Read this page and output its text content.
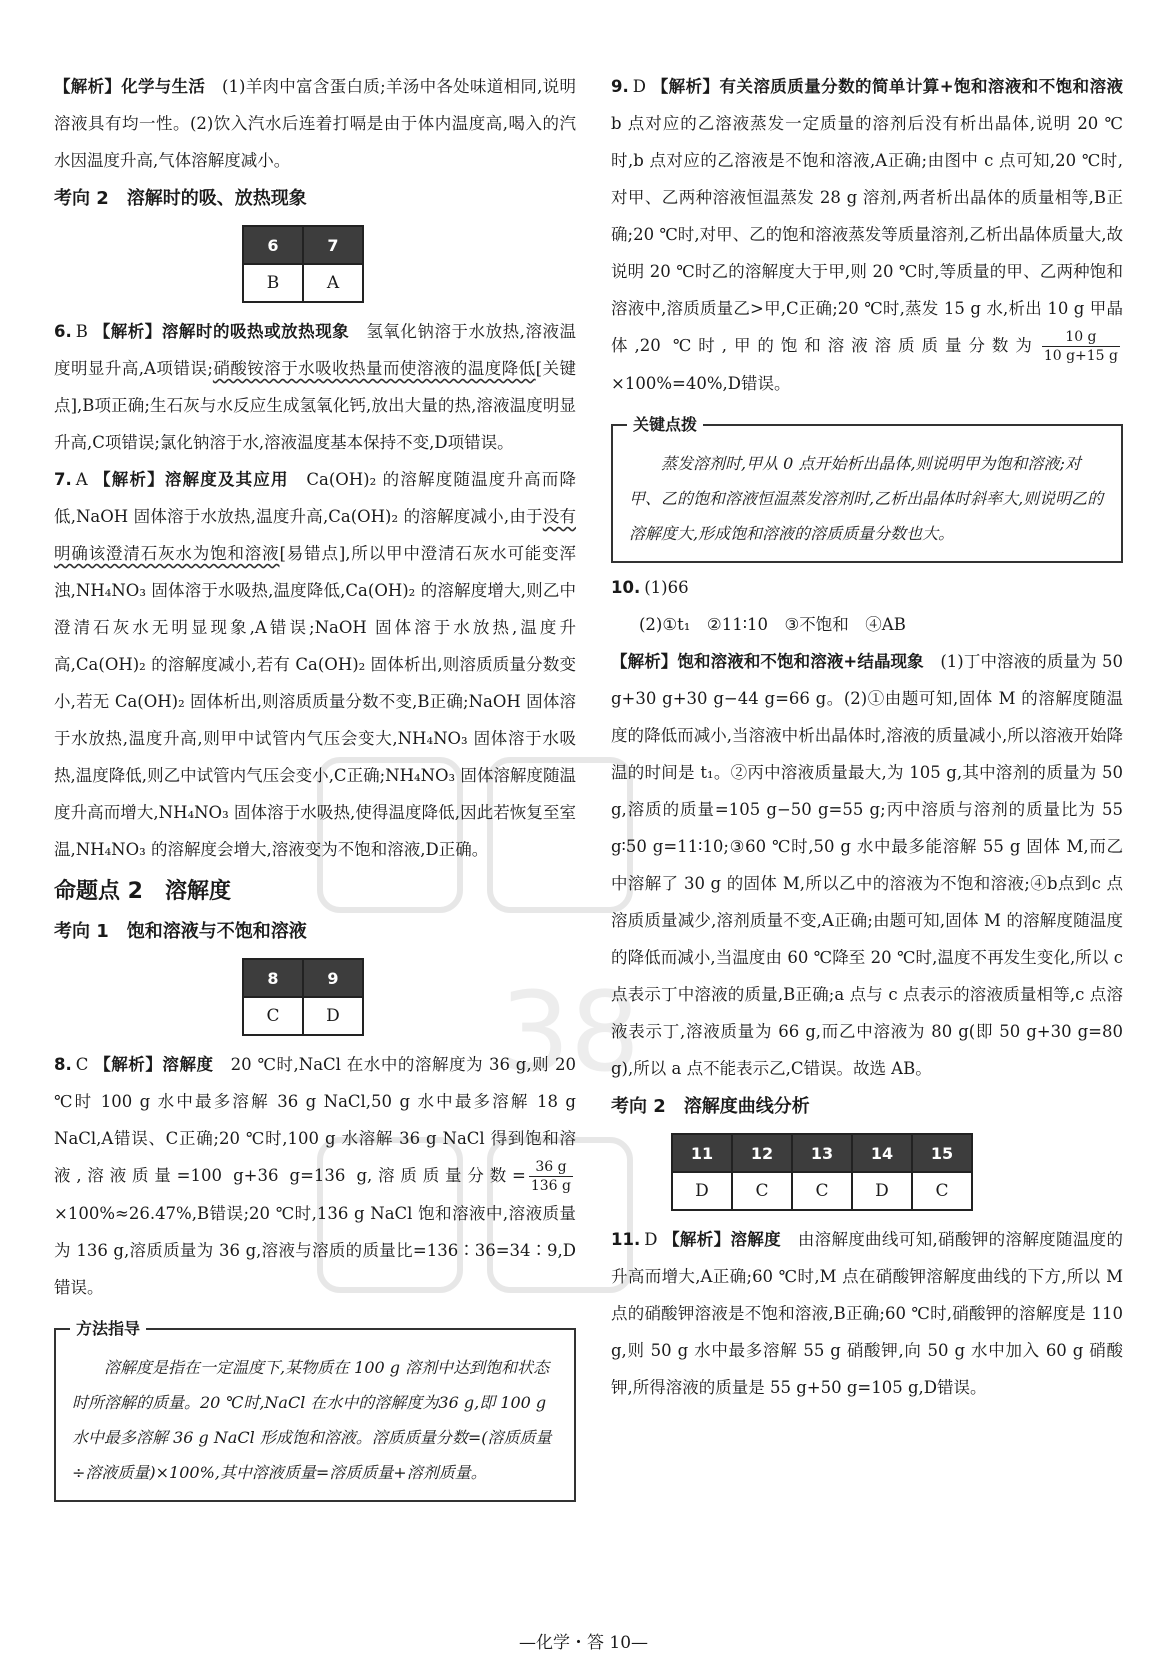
38

【解析】化学与生活　 (1)羊肉中富含蛋白质;羊汤中各处味道相同,说明溶液具有均一性。(2)饮入汽水后连着打嗝是由于体内温度高,喝入的汽水因温度升高,气体溶解度减小。

考向 2　溶解时的吸、放热现象
6	7
B	A

6. B 【解析】溶解时的吸热或放热现象　 氢氧化钠溶于水放热,溶液温度明显升高,A项错误;硝酸铵溶于水吸收热量而使溶液的温度降低[关键点],B项正确;生石灰与水反应生成氢氧化钙,放出大量的热,溶液温度明显升高,C项错误;氯化钠溶于水,溶液温度基本保持不变,D项错误。

7. A 【解析】溶解度及其应用　 Ca(OH)₂ 的溶解度随温度升高而降低,NaOH 固体溶于水放热,温度升高,Ca(OH)₂ 的溶解度减小,由于没有明确该澄清石灰水为饱和溶液[易错点],所以甲中澄清石灰水可能变浑浊,NH₄NO₃ 固体溶于水吸热,温度降低,Ca(OH)₂ 的溶解度增大,则乙中澄清石灰水无明显现象,A错误;NaOH 固体溶于水放热,温度升高,Ca(OH)₂ 的溶解度减小,若有 Ca(OH)₂ 固体析出,则溶质质量分数变小,若无 Ca(OH)₂ 固体析出,则溶质质量分数不变,B正确;NaOH 固体溶于水放热,温度升高,则甲中试管内气压会变大,NH₄NO₃ 固体溶于水吸热,温度降低,则乙中试管内气压会变小,C正确;NH₄NO₃ 固体溶解度随温度升高而增大,NH₄NO₃ 固体溶于水吸热,使得温度降低,因此若恢复至室温,NH₄NO₃ 的溶解度会增大,溶液变为不饱和溶液,D正确。

命题点 2　溶解度
考向 1　饱和溶液与不饱和溶液
8	9
C	D

8. C 【解析】溶解度　 20 ℃时,NaCl 在水中的溶解度为 36 g,则 20 ℃时 100 g 水中最多溶解 36 g NaCl,50 g 水中最多溶解 18 g NaCl,A错误、C正确;20 ℃时,100 g 水溶解 36 g NaCl 得到饱和溶液,溶液质量=100 g+36 g=136 g,溶质质量分数= $\frac{36 g}{136 g}$
×100%≈26.47%,B错误;20 ℃时,136 g NaCl 饱和溶液中,溶液质量为 136 g,溶质质量为 36 g,溶液与溶质的质量比=136∶36=34∶9,D错误。

方法指导

溶解度是指在一定温度下,某物质在 100 g 溶剂中达到饱和状态时所溶解的质量。20 ℃时,NaCl 在水中的溶解度为36 g,即 100 g 水中最多溶解 36 g NaCl 形成饱和溶液。溶质质量分数=(溶质质量÷溶液质量)×100%,其中溶液质量=溶质质量+溶剂质量。

9. D 【解析】有关溶质质量分数的简单计算+饱和溶液和不饱和溶液　b 点对应的乙溶液蒸发一定质量的溶剂后没有析出晶体,说明 20 ℃时,b 点对应的乙溶液是不饱和溶液,A正确;由图中 c 点可知,20 ℃时,对甲、乙两种溶液恒温蒸发 28 g 溶剂,两者析出晶体的质量相等,B正确;20 ℃时,对甲、乙的饱和溶液蒸发等质量溶剂,乙析出晶体质量大,故说明 20 ℃时乙的溶解度大于甲,则 20 ℃时,等质量的甲、乙两种饱和溶液中,溶质质量乙>甲,C正确;20 ℃时,蒸发 15 g 水,析出 10 g 甲晶体,20 ℃时,甲的饱和溶液溶质质量分数为 $\frac{10 g}{10 g+15 g}$
×100%=40%,D错误。

关键点拨

蒸发溶剂时,甲从 0 点开始析出晶体,则说明甲为饱和溶液;对甲、乙的饱和溶液恒温蒸发溶剂时,乙析出晶体时斜率大,则说明乙的溶解度大,形成饱和溶液的溶质质量分数也大。

10. (1)66

(2)①t₁　②11∶10　③不饱和　④AB

【解析】饱和溶液和不饱和溶液+结晶现象　 (1)丁中溶液的质量为 50 g+30 g+30 g−44 g=66 g。(2)①由题可知,固体 M 的溶解度随温度的降低而减小,当溶液中析出晶体时,溶液的质量减小,所以溶液开始降温的时间是 t₁。②丙中溶液质量最大,为 105 g,其中溶剂的质量为 50 g,溶质的质量=105 g−50 g=55 g;丙中溶质与溶剂的质量比为 55 g∶50 g=11∶10;③60 ℃时,50 g 水中最多能溶解 55 g 固体 M,而乙中溶解了 30 g 的固体 M,所以乙中的溶液为不饱和溶液;④b点到c 点溶质质量减少,溶剂质量不变,A正确;由题可知,固体 M 的溶解度随温度的降低而减小,当温度由 60 ℃降至 20 ℃时,温度不再发生变化,所以 c 点表示丁中溶液的质量,B正确;a 点与 c 点表示的溶液质量相等,c 点溶液表示丁,溶液质量为 66 g,而乙中溶液为 80 g(即 50 g+30 g=80 g),所以 a 点不能表示乙,C错误。故选 AB。

考向 2　溶解度曲线分析
11	12	13	14	15
D	C	C	D	C

11. D 【解析】溶解度　 由溶解度曲线可知,硝酸钾的溶解度随温度的升高而增大,A正确;60 ℃时,M 点在硝酸钾溶解度曲线的下方,所以 M 点的硝酸钾溶液是不饱和溶液,B正确;60 ℃时,硝酸钾的溶解度是 110 g,则 50 g 水中最多溶解 55 g 硝酸钾,向 50 g 水中加入 60 g 硝酸钾,所得溶液的质量是 55 g+50 g=105 g,D错误。

—化学・答 10—
